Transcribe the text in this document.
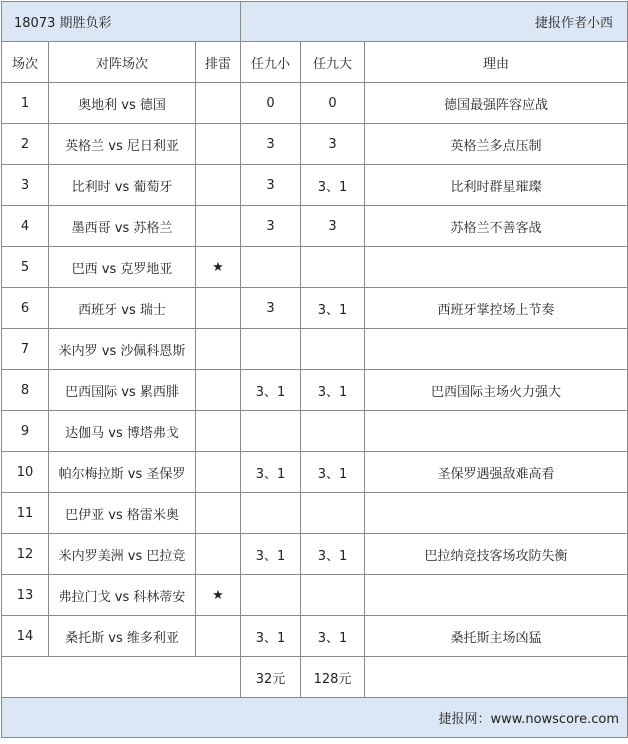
18073 期胜负彩			捷报作者小西		
场次	对阵场次	排雷	任九小	任九大	理由
1	奥地利 vs 德国		0	0	德国最强阵容应战
2	英格兰 vs 尼日利亚		3	3	英格兰多点压制
3	比利时 vs 葡萄牙		3	3、1	比利时群星璀璨
4	墨西哥 vs 苏格兰		3	3	苏格兰不善客战
5	巴西 vs 克罗地亚	★			
6	西班牙 vs 瑞士		3	3、1	西班牙掌控场上节奏
7	米内罗 vs 沙佩科恩斯				
8	巴西国际 vs 累西腓		3、1	3、1	巴西国际主场火力强大
9	达伽马 vs 博塔弗戈				
10	帕尔梅拉斯 vs 圣保罗		3、1	3、1	圣保罗遇强敌难高看
11	巴伊亚 vs 格雷米奥				
12	米内罗美洲 vs 巴拉竞		3、1	3、1	巴拉纳竞技客场攻防失衡
13	弗拉门戈 vs 科林蒂安	★			
14	桑托斯 vs 维多利亚		3、1	3、1	桑托斯主场凶猛
			32元	128元	
捷报网：www.nowscore.com					
